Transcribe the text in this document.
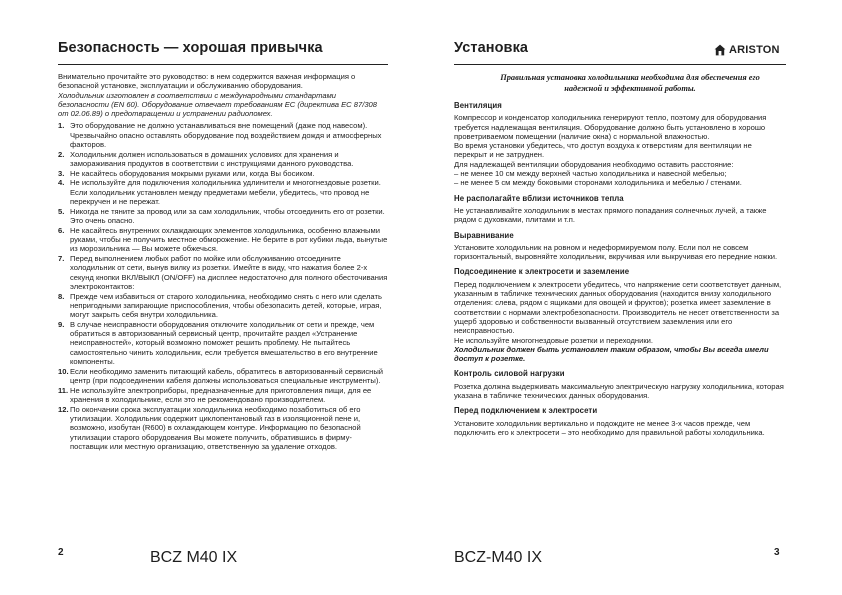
Безопасность — хорошая привычка

Внимательно прочитайте это руководство: в нем содержится важная информация о безопасной установке, эксплуатации и обслуживанию оборудования.

Холодильник изготовлен в соответствии с международными стандартами безопасности (EN 60). Оборудование отвечает требованиям ЕС (директива ЕС 87/308 от 02.06.89) о предотвращении и устранении радиопомех.

1. Это оборудование не должно устанавливаться вне помещений (даже под навесом). Чрезвычайно опасно оставлять оборудование под воздействием дождя и атмосферных факторов.
2. Холодильник должен использоваться в домашних условиях для хранения и замораживания продуктов в соответствии с инструкциями данного руководства.
3. Не касайтесь оборудования мокрыми руками или, когда Вы босиком.
4. Не используйте для подключения холодильника удлинители и многогнездовые розетки. Если холодильник установлен между предметами мебели, убедитесь, что провод не перекручен и не пережат.
5. Никогда не тяните за провод или за сам холодильник, чтобы отсоединить его от розетки. Это очень опасно.
6. Не касайтесь внутренних охлаждающих элементов холодильника, особенно влажными руками, чтобы не получить местное обморожение. Не берите в рот кубики льда, вынутые из морозильника — Вы можете обжечься.
7. Перед выполнением любых работ по мойке или обслуживанию отсоедините холодильник от сети, вынув вилку из розетки. Имейте в виду, что нажатия более 2-х секунд кнопки ВКЛ/ВЫКЛ (ON/OFF) на дисплее недостаточно для полного обесточивания электроконтактов:
8. Прежде чем избавиться от старого холодильника, необходимо снять с него или сделать непригодными запирающие приспособления, чтобы обезопасить детей, которые, играя, могут закрыть себя внутри холодильника.
9. В случае неисправности оборудования отключите холодильник от сети и прежде, чем обратиться в авторизованный сервисный центр, прочитайте раздел «Устранение неисправностей», который возможно поможет решить проблему. Не пытайтесь самостоятельно чинить холодильник, если требуется вмешательство в его внутренние компоненты.
10. Если необходимо заменить питающий кабель, обратитесь в авторизованный сервисный центр (при подсоединении кабеля должны использоваться специальные инструменты).
11. Не используйте электроприборы, предназначенные для приготовления пищи, для ее хранения в холодильнике, если это не рекомендовано производителем.
12. По окончании срока эксплуатации холодильника необходимо позаботиться об его утилизации. Холодильник содержит циклопентановый газ в изоляционной пене и, возможно, изобутан (R600) в охлаждающем контуре. Информацию по безопасной утилизации старого оборудования Вы можете получить, обратившись в фирму-поставщик или местную организацию, ответственную за удаление отходов.
2	BCZ M40 IX
Установка	ARISTON
Правильная установка холодильника необходима для обеспечения его надежной и эффективной работы.
Вентиляция

Компрессор и конденсатор холодильника генерируют тепло, поэтому для оборудования требуется надлежащая вентиляция. Оборудование должно быть установлено в хорошо проветриваемом помещении (наличие окна) с нормальной влажностью.

Во время установки убедитесь, что доступ воздуха к отверстиям для вентиляции не перекрыт и не затруднен.

Для надлежащей вентиляции оборудования необходимо оставить расстояние:

– не менее 10 см между верхней частью холодильника и навесной мебелью;

– не менее 5 см между боковыми сторонами холодильника и мебелью / стенами.

Не располагайте вблизи источников тепла

Не устанавливайте холодильник в местах прямого попадания солнечных лучей, а также рядом с духовками, плитами и т.п.

Выравнивание

Установите холодильник на ровном и недеформируемом полу. Если пол не совсем горизонтальный, выровняйте холодильник, вкручивая или выкручивая его передние ножки.

Подсоединение к электросети и заземление

Перед подключением к электросети убедитесь, что напряжение сети соответствует данным, указанным в табличке технических данных оборудования (находится внизу холодильного отделения: слева, рядом с ящиками для овощей и фруктов); розетка имеет заземление в соответствии с нормами электробезопасности. Производитель не несет ответственности за ущерб здоровью и собственности вызванный отсутствием заземления или его неисправностью.

Не используйте многогнездовые розетки и переходники.

Холодильник должен быть установлен таким образом, чтобы Вы всегда имели доступ к розетке.

Контроль силовой нагрузки

Розетка должна выдерживать максимальную электрическую нагрузку холодильника, которая указана в табличке технических данных оборудования.

Перед подключением к электросети

Установите холодильник вертикально и подождите не менее 3-х часов прежде, чем подключить его к электросети – это необходимо для правильной работы холодильника.

BCZ-M40 IX	3
